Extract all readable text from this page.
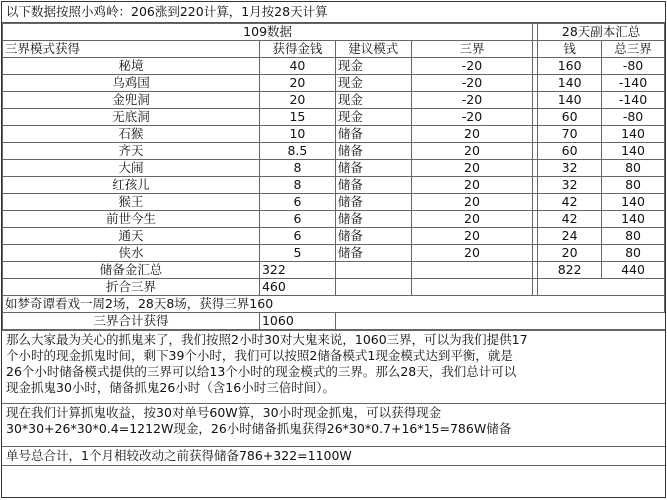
以下数据按照小鸡岭：206涨到220计算，1月按28天计算
109数据					28天副本汇总	
三界模式获得	获得金钱	建议模式	三界		钱	总三界
秘境	40	现金	-20		160	-80
乌鸡国	20	现金	-20		140	-140
金兜洞	20	现金	-20		140	-140
无底洞	15	现金	-20		60	-80
石猴	10	储备	20		70	140
齐天	8.5	储备	20		60	140
大闹	8	储备	20		32	80
红孩儿	8	储备	20		32	80
猴王	6	储备	20		42	140
前世今生	6	储备	20		42	140
通天	6	储备	20		24	80
侠水	5	储备	20		20	80
储备金汇总	322				822	440
折合三界	460					
如梦奇谭看戏一周2场，28天8场，获得三界160						
三界合计获得	1060					
那么大家最为关心的抓鬼来了，我们按照2小时30对大鬼来说，1060三界，可以为我们提供17
个小时的现金抓鬼时间，剩下39个小时，我们可以按照2储备模式1现金模式达到平衡，就是
26个小时储备模式提供的三界可以给13个小时的现金模式的三界。那么28天，我们总计可以
现金抓鬼30小时，储备抓鬼26小时（含16小时三倍时间）。
现在我们计算抓鬼收益，按30对单号60W算，30小时现金抓鬼，可以获得现金
30*30+26*30*0.4=1212W现金，26小时储备抓鬼获得26*30*0.7+16*15=786W储备
单号总合计，1个月相较改动之前获得储备786+322=1100W
